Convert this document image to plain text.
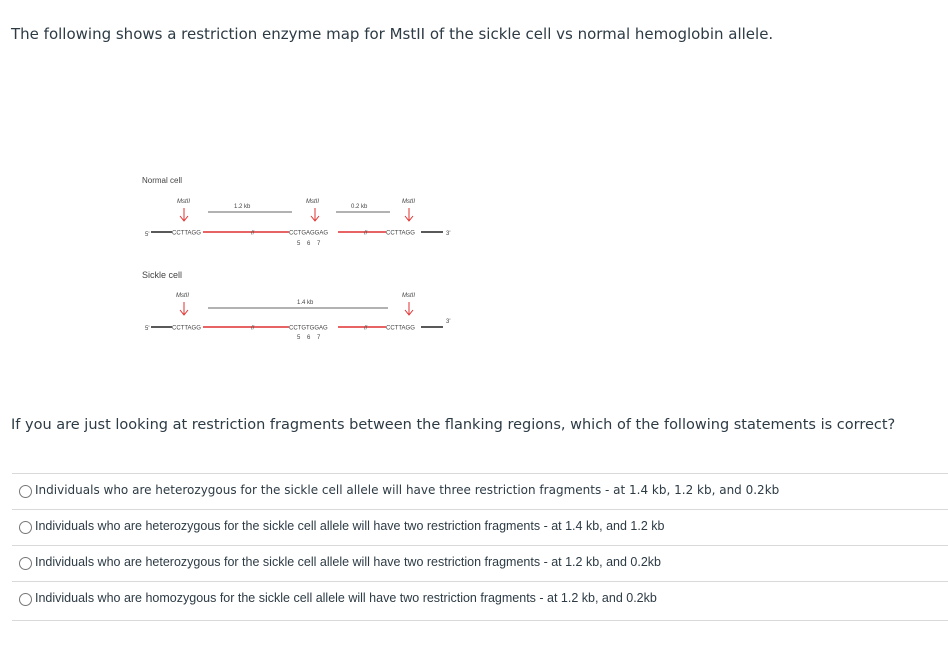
The following shows a restriction enzyme map for MstII of the sickle cell vs normal hemoglobin allele.
Normal cell
MstII	MstII	MstII
1.2 kb	0.2 kb
5'	CCTTAGG	//	CCTGAGGAG	//	CCTTAGG	3'
5    6    7
Sickle cell
MstII	MstII
1.4 kb
5'	CCTTAGG	//	CCTGTGGAG	//	CCTTAGG
3'
5    6    7
If you are just looking at restriction fragments between the flanking regions, which of the following statements is correct?
Individuals who are heterozygous for the sickle cell allele will have three restriction fragments - at 1.4 kb, 1.2 kb, and 0.2kb
Individuals who are heterozygous for the sickle cell allele will have two restriction fragments - at 1.4 kb, and 1.2 kb
Individuals who are heterozygous for the sickle cell allele will have two restriction fragments - at 1.2 kb, and 0.2kb
Individuals who are homozygous for the sickle cell allele will have two restriction fragments - at 1.2 kb, and 0.2kb
